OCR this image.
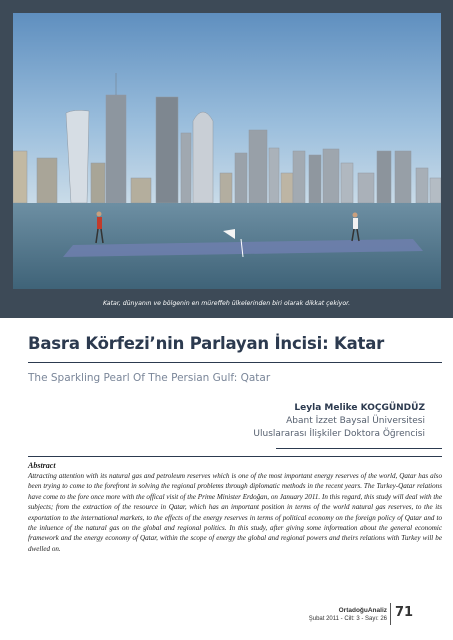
Katar, dünyanın ve bölgenin en müreffeh ülkelerinden biri olarak dikkat çekiyor.
Basra Körfezi’nin Parlayan İncisi: Katar
The Sparkling Pearl Of The Persian Gulf: Qatar
Leyla Melike KOÇGÜNDÜZ
Abant İzzet Baysal Üniversitesi
Uluslararası İlişkiler Doktora Öğrencisi
Abstract
Attracting attention with its natural gas and petroleum reserves which is one of the most important energy reserves of the world, Qatar has also been trying to come to the forefront in solving the regional problems through diplomatic methods in the recent years. The Turkey-Qatar relations have come to the fore once more with the offical visit of the Prime Minister Erdoğan, on January 2011. In this regard, this study will deal with the subjects; from the extraction of the resource in Qatar, which has an important position in terms of the world natural gas reserves, to the its exportation to the international markets, to the effects of the energy reserves in terms of political economy on the foreign policy of Qatar and to the inluence of the natural gas on the global and regional politics. In this study, after giving some information about the general economic framework and the energy economy of Qatar, within the scope of energy the global and regional powers and theirs relations with Turkey will be dwelled on.
OrtadoğuAnaliz
Şubat 2011 - Cilt: 3 - Sayı: 26 71
